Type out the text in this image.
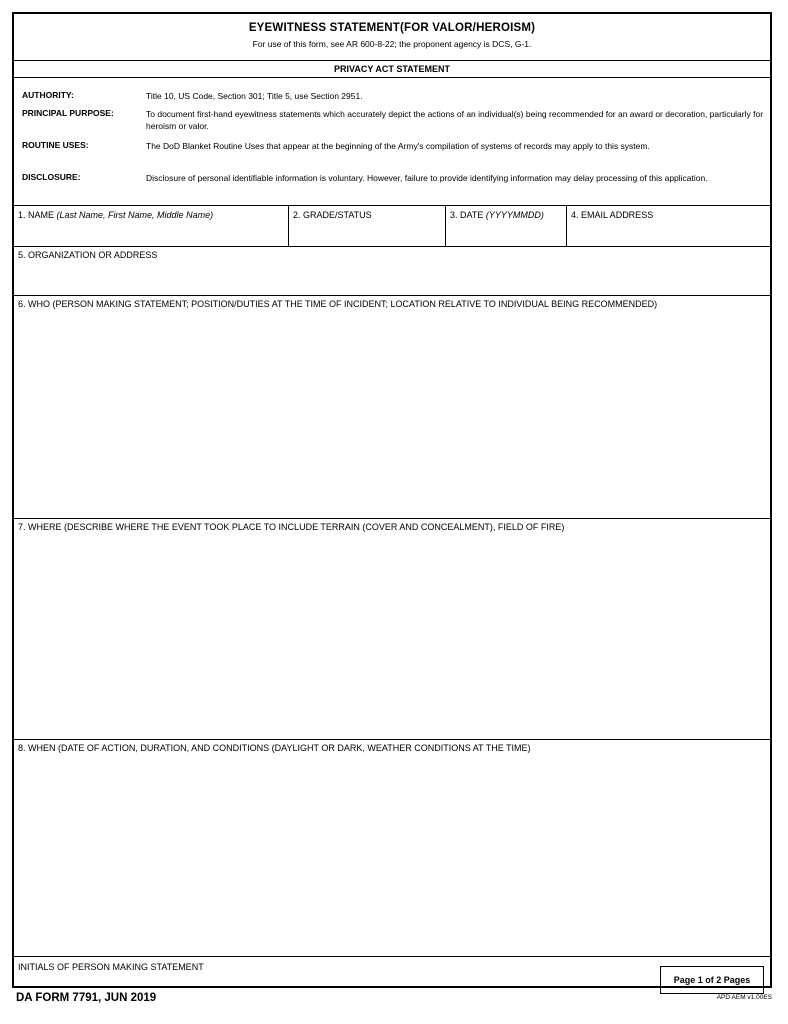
EYEWITNESS STATEMENT(FOR VALOR/HEROISM)
For use of this form, see AR 600-8-22; the proponent agency is DCS, G-1.
PRIVACY ACT STATEMENT
AUTHORITY:	Title 10, US Code, Section 301; Title 5, use Section 2951.
PRINCIPAL PURPOSE:	To document first-hand eyewitness statements which accurately depict the actions of an individual(s) being recommended for an award or decoration, particularly for heroism or valor.
ROUTINE USES:	The DoD Blanket Routine Uses that appear at the beginning of the Army's compilation of systems of records may apply to this system.
DISCLOSURE:	Disclosure of personal identifiable information is voluntary. However, failure to provide identifying information may delay processing of this application.
1. NAME (Last Name, First Name, Middle Name)	2. GRADE/STATUS	3. DATE (YYYYMMDD)	4. EMAIL ADDRESS
5. ORGANIZATION OR ADDRESS
6. WHO (PERSON MAKING STATEMENT; POSITION/DUTIES AT THE TIME OF INCIDENT; LOCATION RELATIVE TO INDIVIDUAL BEING RECOMMENDED)
7. WHERE (DESCRIBE WHERE THE EVENT TOOK PLACE TO INCLUDE TERRAIN (COVER AND CONCEALMENT), FIELD OF FIRE)
8. WHEN (DATE OF ACTION, DURATION, AND CONDITIONS (DAYLIGHT OR DARK, WEATHER CONDITIONS AT THE TIME)
INITIALS OF PERSON MAKING STATEMENT
Page 1 of 2 Pages
DA FORM 7791, JUN 2019	APD AEM v1.00ES
